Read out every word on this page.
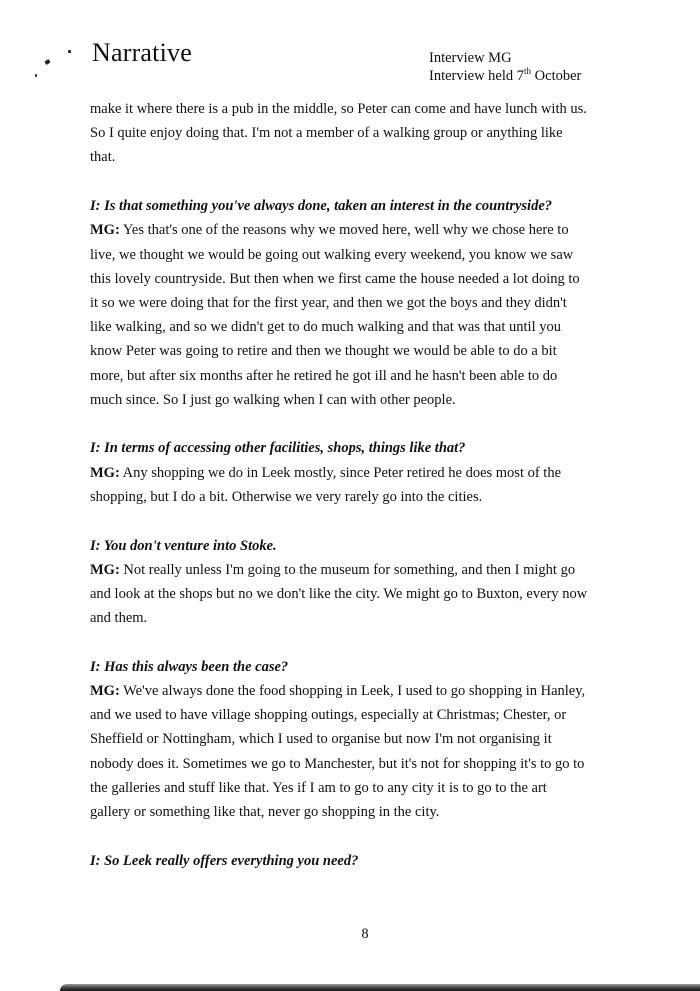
Narrative	Interview MG
Interview held 7th October

make it where there is a pub in the middle, so Peter can come and have lunch with us. So I quite enjoy doing that. I'm not a member of a walking group or anything like that.

I: Is that something you've always done, taken an interest in the countryside?

MG: Yes that's one of the reasons why we moved here, well why we chose here to live, we thought we would be going out walking every weekend, you know we saw this lovely countryside. But then when we first came the house needed a lot doing to it so we were doing that for the first year, and then we got the boys and they didn't like walking, and so we didn't get to do much walking and that was that until you know Peter was going to retire and then we thought we would be able to do a bit more, but after six months after he retired he got ill and he hasn't been able to do much since. So I just go walking when I can with other people.

I: In terms of accessing other facilities, shops, things like that?

MG: Any shopping we do in Leek mostly, since Peter retired he does most of the shopping, but I do a bit. Otherwise we very rarely go into the cities.

I: You don't venture into Stoke.

MG: Not really unless I'm going to the museum for something, and then I might go and look at the shops but no we don't like the city. We might go to Buxton, every now and them.

I: Has this always been the case?

MG: We've always done the food shopping in Leek, I used to go shopping in Hanley, and we used to have village shopping outings, especially at Christmas; Chester, or Sheffield or Nottingham, which I used to organise but now I'm not organising it nobody does it. Sometimes we go to Manchester, but it's not for shopping it's to go to the galleries and stuff like that. Yes if I am to go to any city it is to go to the art gallery or something like that, never go shopping in the city.

I: So Leek really offers everything you need?

8
